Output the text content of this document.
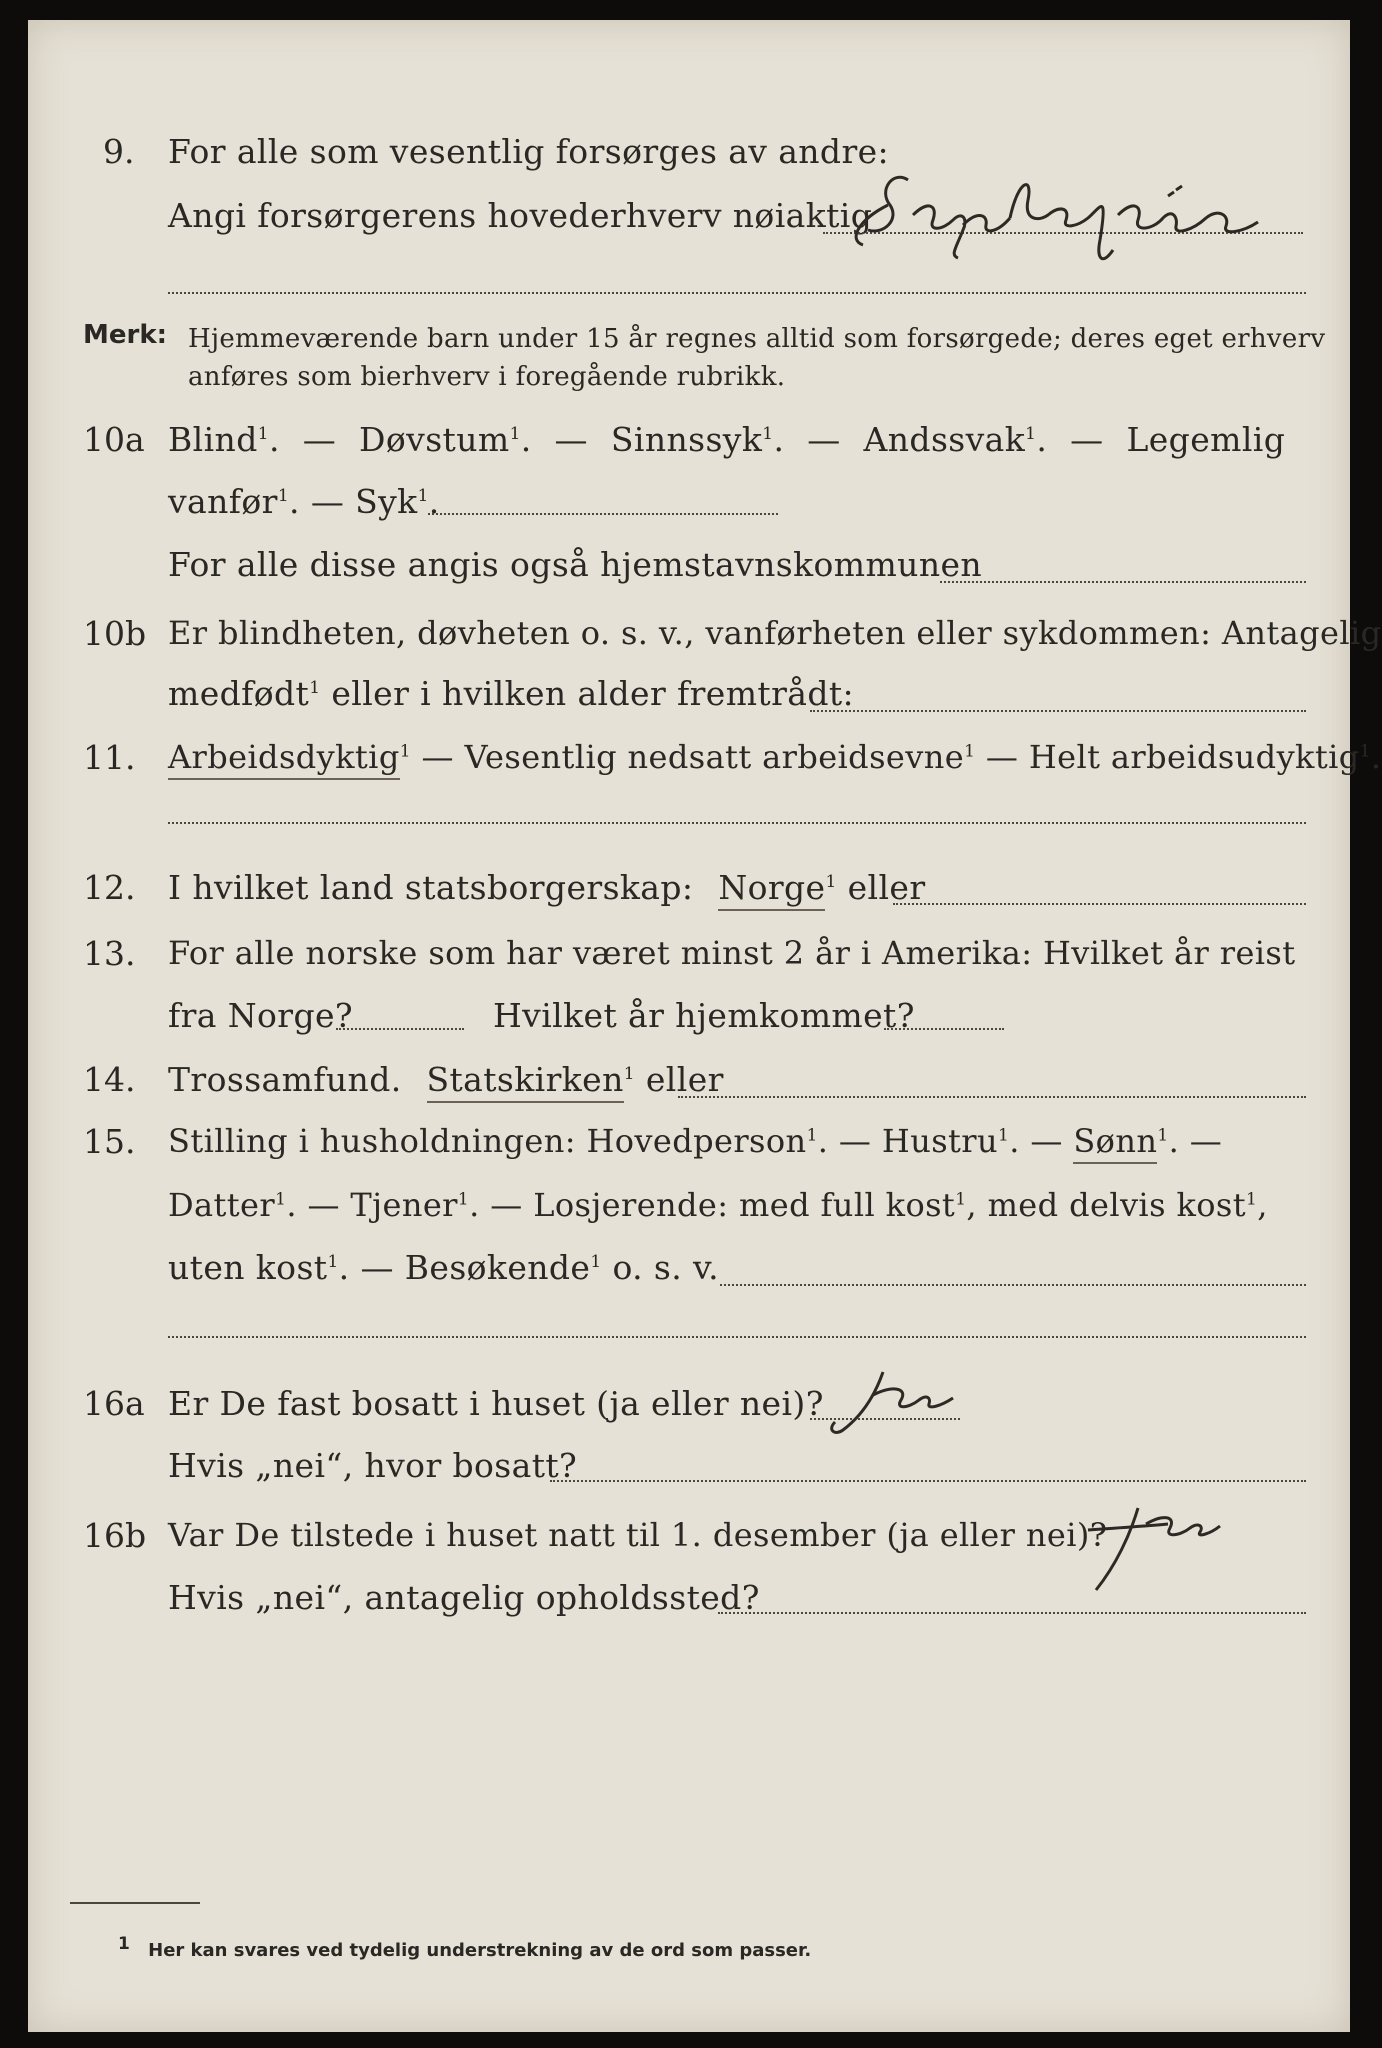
9. For alle som vesentlig forsørges av andre:
Angi forsørgerens hovederhverv nøiaktig
Merk: Hjemmeværende barn under 15 år regnes alltid som forsørgede; deres eget erhverv
anføres som bierhverv i foregående rubrikk.
10a Blind$^1$. — Døvstum$^1$. — Sinnssyk$^1$. — Andssvak$^1$. — Legemlig
vanfør$^1$. — Syk$^1$.
For alle disse angis også hjemstavnskommunen
10b Er blindheten, døvheten o. s. v., vanførheten eller sykdommen: Antagelig
medfødt$^1$ eller i hvilken alder fremtrådt:
11. Arbeidsdyktig$^1$ — Vesentlig nedsatt arbeidsevne$^1$ — Helt arbeidsudyktig$^1$.
12. I hvilket land statsborgerskap: Norge$^1$ eller
13. For alle norske som har været minst 2 år i Amerika: Hvilket år reist
fra Norge?	Hvilket år hjemkommet?
14. Trossamfund. Statskirken$^1$ eller
15. Stilling i husholdningen: Hovedperson$^1$. — Hustru$^1$. — Sønn$^1$. —
Datter$^1$. — Tjener$^1$. — Losjerende: med full kost$^1$, med delvis kost$^1$,
uten kost$^1$. — Besøkende$^1$ o. s. v.
16a Er De fast bosatt i huset (ja eller nei)?
Hvis „nei“, hvor bosatt?
16b Var De tilstede i huset natt til 1. desember (ja eller nei)?
Hvis „nei“, antagelig opholdssted?
1 Her kan svares ved tydelig understrekning av de ord som passer.
